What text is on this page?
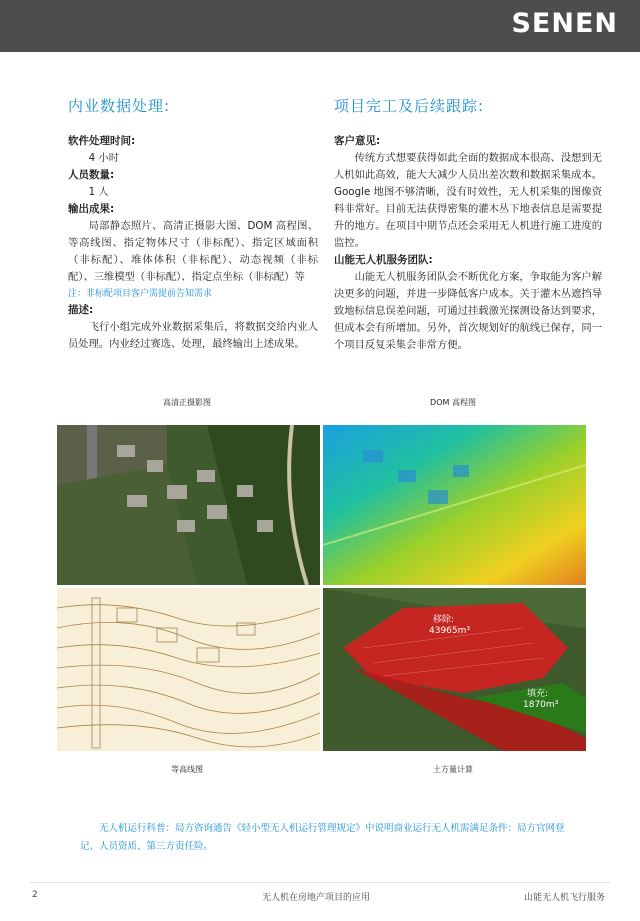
SENEN
内业数据处理:

软件处理时间:

4 小时

人员数量:

1 人

输出成果:

局部静态照片、高清正摄影大图、DOM 高程图、等高线图、指定物体尺寸（非标配）、指定区域面积（非标配）、堆体体积（非标配）、动态视频（非标配）、三维模型（非标配）、指定点坐标（非标配）等

注：非标配项目客户需提前告知需求

描述:

飞行小组完成外业数据采集后，将数据交给内业人员处理。内业经过赛选、处理，最终输出上述成果。

项目完工及后续跟踪:

客户意见:

传统方式想要获得如此全面的数据成本很高、没想到无人机如此高效，能大大减少人员出差次数和数据采集成本。Google 地图不够清晰，没有时效性，无人机采集的图像资料非常好。目前无法获得密集的灌木丛下地表信息是需要提升的地方。在项目中期节点还会采用无人机进行施工进度的监控。

山能无人机服务团队:

山能无人机服务团队会不断优化方案，争取能为客户解决更多的问题，并进一步降低客户成本。关于灌木丛遮挡导致地标信息误差问题，可通过挂载激光探测设备达到要求，但成本会有所增加。另外，首次规划好的航线已保存，同一个项目反复采集会非常方便。

高清正摄影图	DOM 高程图
移除:
43965m³
填充:
1870m³
等高线图	土方量计算
无人机运行科普：局方咨询通告《轻小型无人机运行管理规定》中说明商业运行无人机需满足条件：局方官网登记、人员资质、第三方责任险。
2	无人机在房地产项目的应用	山能无人机飞行服务
